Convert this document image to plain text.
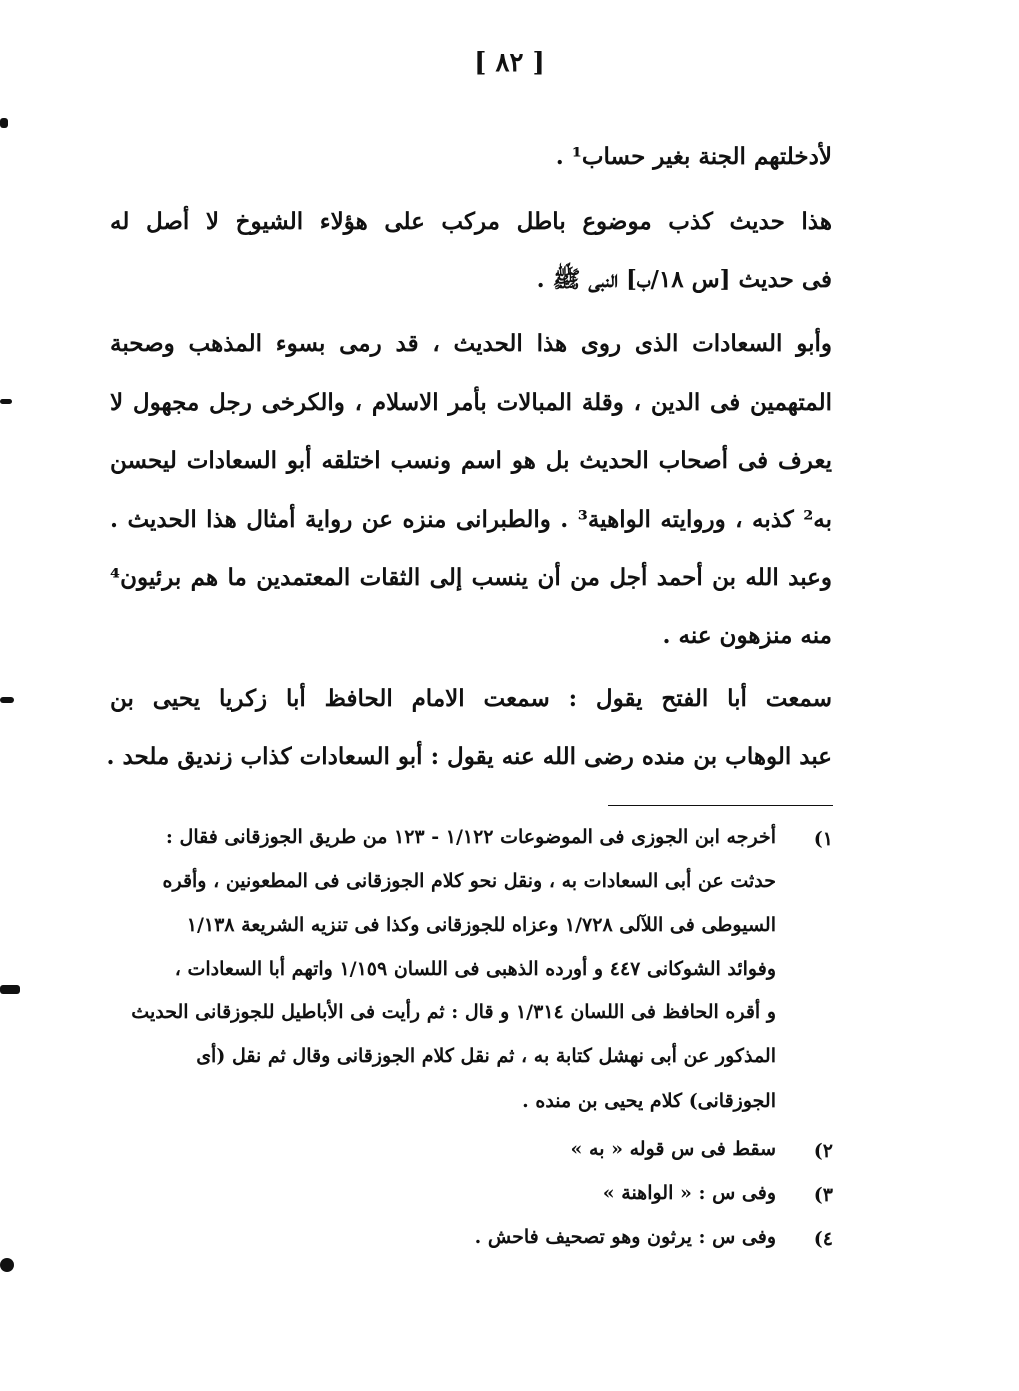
[ ٨٢ ]
لأدخلتهم الجنة بغير حساب¹ .
هذا حديث كذب موضوع باطل مركب على هؤلاء الشيوخ لا أصل له
فى حديث [س ١٨/ب] النبى ﷺ .
وأبو السعادات الذى روى هذا الحديث ، قد رمى بسوء المذهب وصحبة
المتهمين فى الدين ، وقلة المبالات بأمر الاسلام ، والكرخى رجل مجهول لا
يعرف فى أصحاب الحديث بل هو اسم ونسب اختلقه أبو السعادات ليحسن
به² كذبه ، وروايته الواهية³ . والطبرانى منزه عن رواية أمثال هذا الحديث .
وعبد الله بن أحمد أجل من أن ينسب إلى الثقات المعتمدين ما هم برئيون⁴
منه منزهون عنه .
سمعت أبا الفتح يقول : سمعت الامام الحافظ أبا زكريا يحيى بن
عبد الوهاب بن منده رضى الله عنه يقول : أبو السعادات كذاب زنديق ملحد .
١)
أخرجه ابن الجوزى فى الموضوعات ١/١٢٢ - ١٢٣ من طريق الجوزقانى فقال :
حدثت عن أبى السعادات به ، ونقل نحو كلام الجوزقانى فى المطعونين ، وأقره
السيوطى فى اللآلى ١/٧٢٨ وعزاه للجوزقانى وكذا فى تنزيه الشريعة ١/١٣٨
وفوائد الشوكانى ٤٤٧ و أورده الذهبى فى اللسان ١/١٥٩ واتهم أبا السعادات ،
و أقره الحافظ فى اللسان ١/٣١٤ و قال : ثم رأيت فى الأباطيل للجوزقانى الحديث
المذكور عن أبى نهشل كتابة به ، ثم نقل كلام الجوزقانى وقال ثم نقل (أى
الجوزقانى) كلام يحيى بن منده .
٢)
سقط فى س قوله « به »
٣)
وفى س : « الواهنة »
٤)
وفى س : يرثون وهو تصحيف فاحش .
